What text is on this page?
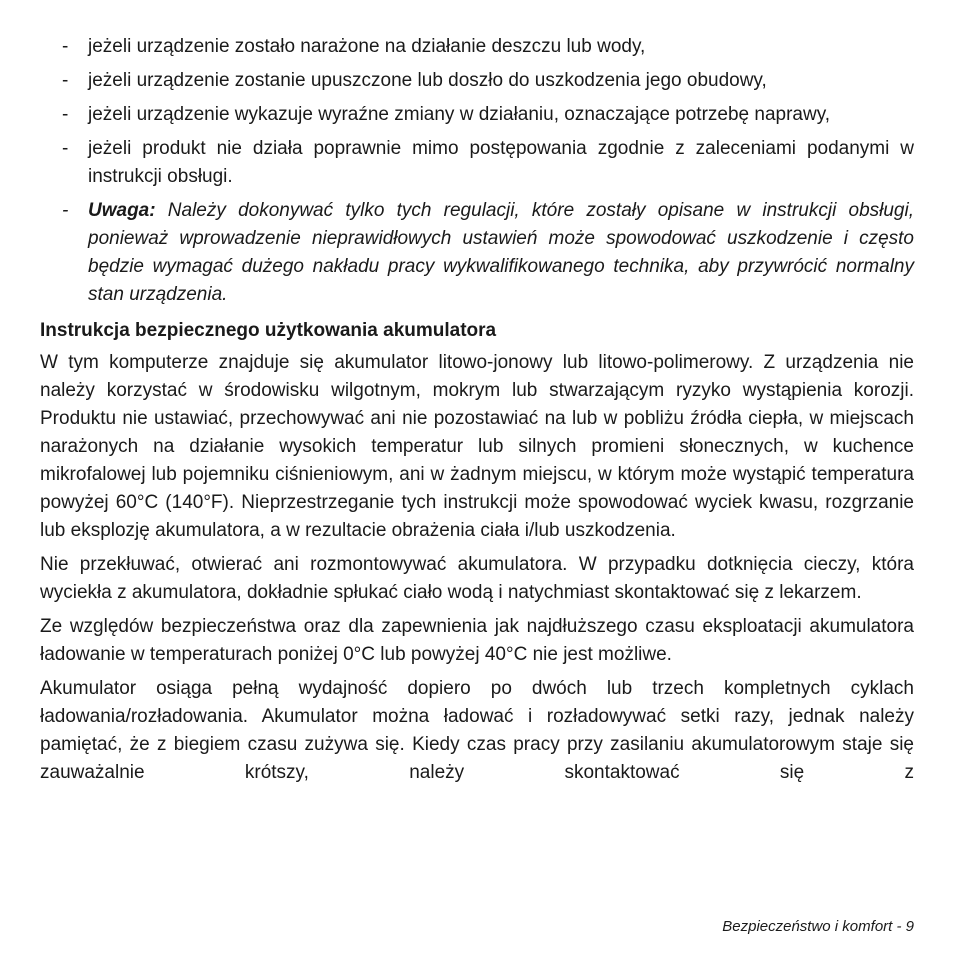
- jeżeli urządzenie zostało narażone na działanie deszczu lub wody,
- jeżeli urządzenie zostanie upuszczone lub doszło do uszkodzenia jego obudowy,
- jeżeli urządzenie wykazuje wyraźne zmiany w działaniu, oznaczające potrzebę naprawy,
- jeżeli produkt nie działa poprawnie mimo postępowania zgodnie z zaleceniami podanymi w instrukcji obsługi.
- Uwaga: Należy dokonywać tylko tych regulacji, które zostały opisane w instrukcji obsługi, ponieważ wprowadzenie nieprawidłowych ustawień może spowodować uszkodzenie i często będzie wymagać dużego nakładu pracy wykwalifikowanego technika, aby przywrócić normalny stan urządzenia.
Instrukcja bezpiecznego użytkowania akumulatora

W tym komputerze znajduje się akumulator litowo-jonowy lub litowo-polimerowy. Z urządzenia nie należy korzystać w środowisku wilgotnym, mokrym lub stwarzającym ryzyko wystąpienia korozji. Produktu nie ustawiać, przechowywać ani nie pozostawiać na lub w pobliżu źródła ciepła, w miejscach narażonych na działanie wysokich temperatur lub silnych promieni słonecznych, w kuchence mikrofalowej lub pojemniku ciśnieniowym, ani w żadnym miejscu, w którym może wystąpić temperatura powyżej 60°C (140°F). Nieprzestrzeganie tych instrukcji może spowodować wyciek kwasu, rozgrzanie lub eksplozję akumulatora, a w rezultacie obrażenia ciała i/lub uszkodzenia.

Nie przekłuwać, otwierać ani rozmontowywać akumulatora. W przypadku dotknięcia cieczy, która wyciekła z akumulatora, dokładnie spłukać ciało wodą i natychmiast skontaktować się z lekarzem.

Ze względów bezpieczeństwa oraz dla zapewnienia jak najdłuższego czasu eksploatacji akumulatora ładowanie w temperaturach poniżej 0°C lub powyżej 40°C nie jest możliwe.

Akumulator osiąga pełną wydajność dopiero po dwóch lub trzech kompletnych cyklach ładowania/rozładowania. Akumulator można ładować i rozładowywać setki razy, jednak należy pamiętać, że z biegiem czasu zużywa się. Kiedy czas pracy przy zasilaniu akumulatorowym staje się zauważalnie krótszy, należy skontaktować się z

Bezpieczeństwo i komfort - 9
